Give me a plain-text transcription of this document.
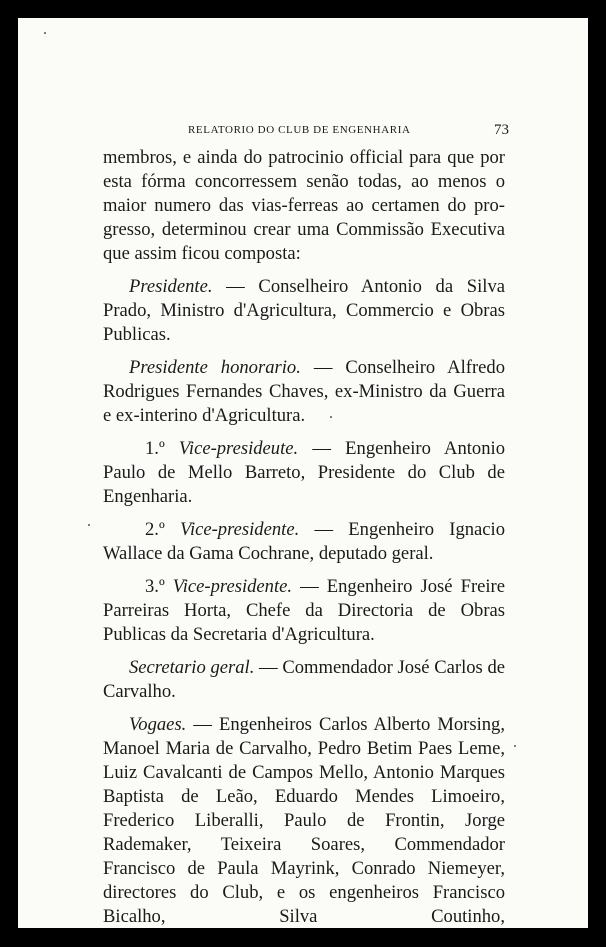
RELATORIO DO CLUB DE ENGENHARIA	73

membros, e ainda do patrocinio official para que por

esta fórma concorressem senão todas, ao menos o

maior numero das vias-ferreas ao certamen do pro-

gresso, determinou crear uma Commissão Executiva

que assim ficou composta:

Presidente. — Conselheiro Antonio da Silva Prado, Ministro d'Agricultura, Commercio e Obras Publicas.

Presidente honorario. — Conselheiro Alfredo Rodrigues Fernandes Chaves, ex-Ministro da Guerra e ex-interino d'Agricultura.

1.º Vice-presideute. — Engenheiro Antonio Paulo de Mello Barreto, Presidente do Club de Engenharia.

2.º Vice-presidente. — Engenheiro Ignacio Wallace da Gama Cochrane, deputado geral.

3.º Vice-presidente. — Engenheiro José Freire Parreiras Horta, Chefe da Directoria de Obras Publicas da Secretaria d'Agricultura.

Secretario geral. — Commendador José Carlos de Carvalho.

Vogaes. — Engenheiros Carlos Alberto Morsing, Manoel Maria de Carvalho, Pedro Betim Paes Leme, Luiz Cavalcanti de Campos Mello, Antonio Marques Baptista de Leão, Eduardo Mendes Limoeiro, Frederico Liberalli, Paulo de Frontin, Jorge Rademaker, Teixeira Soares, Commendador Francisco de Paula Mayrink, Conrado Niemeyer, directores do Club, e os engenheiros Francisco Bicalho, Silva Coutinho,
